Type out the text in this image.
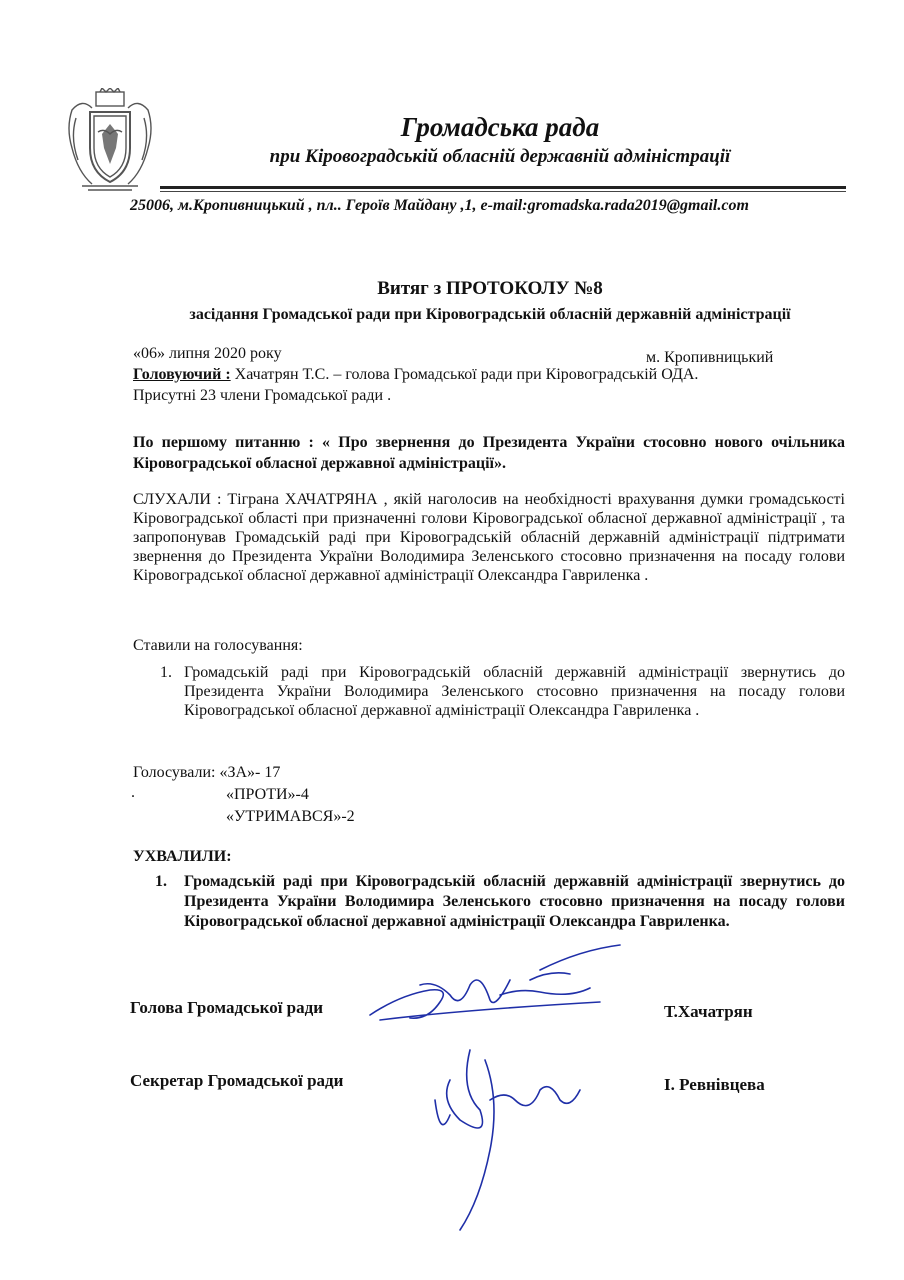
Громадська рада
при Кіровоградській обласній державній адміністрації
25006, м.Кропивницький , пл.. Героїв Майдану ,1, e-mail:gromadska.rada2019@gmail.com
Витяг з ПРОТОКОЛУ №8
засідання Громадської ради при Кіровоградській обласній державній адміністрації
«06» липня 2020 року	м. Кропивницький
Головуючий : Хачатрян Т.С. – голова Громадської ради при Кіровоградській ОДА.
Присутні 23 члени Громадської ради .
По першому питанню : « Про звернення до Президента України стосовно нового очільника Кіровоградської обласної державної адміністрації».
СЛУХАЛИ : Тіграна ХАЧАТРЯНА , якій наголосив на необхідності врахування думки громадськості Кіровоградської області при призначенні голови Кіровоградської обласної державної адміністрації , та запропонував Громадській раді при Кіровоградській обласній державній адміністрації підтримати звернення до Президента України Володимира Зеленського стосовно призначення на посаду голови Кіровоградської обласної державної адміністрації Олександра Гавриленка .
Ставили на голосування:
1. Громадській раді при Кіровоградській обласній державній адміністрації звернутись до Президента України Володимира Зеленського стосовно призначення на посаду голови Кіровоградської обласної державної адміністрації Олександра Гавриленка .
Голосували: «ЗА»- 17
.	«ПРОТИ»-4
«УТРИМАВСЯ»-2
УХВАЛИЛИ:
1. Громадській раді при Кіровоградській обласній державній адміністрації звернутись до Президента України Володимира Зеленського стосовно призначення на посаду голови Кіровоградської обласної державної адміністрації Олександра Гавриленка.
Голова Громадської ради	Т.Хачатрян
Секретар Громадської ради	І. Ревнівцева
